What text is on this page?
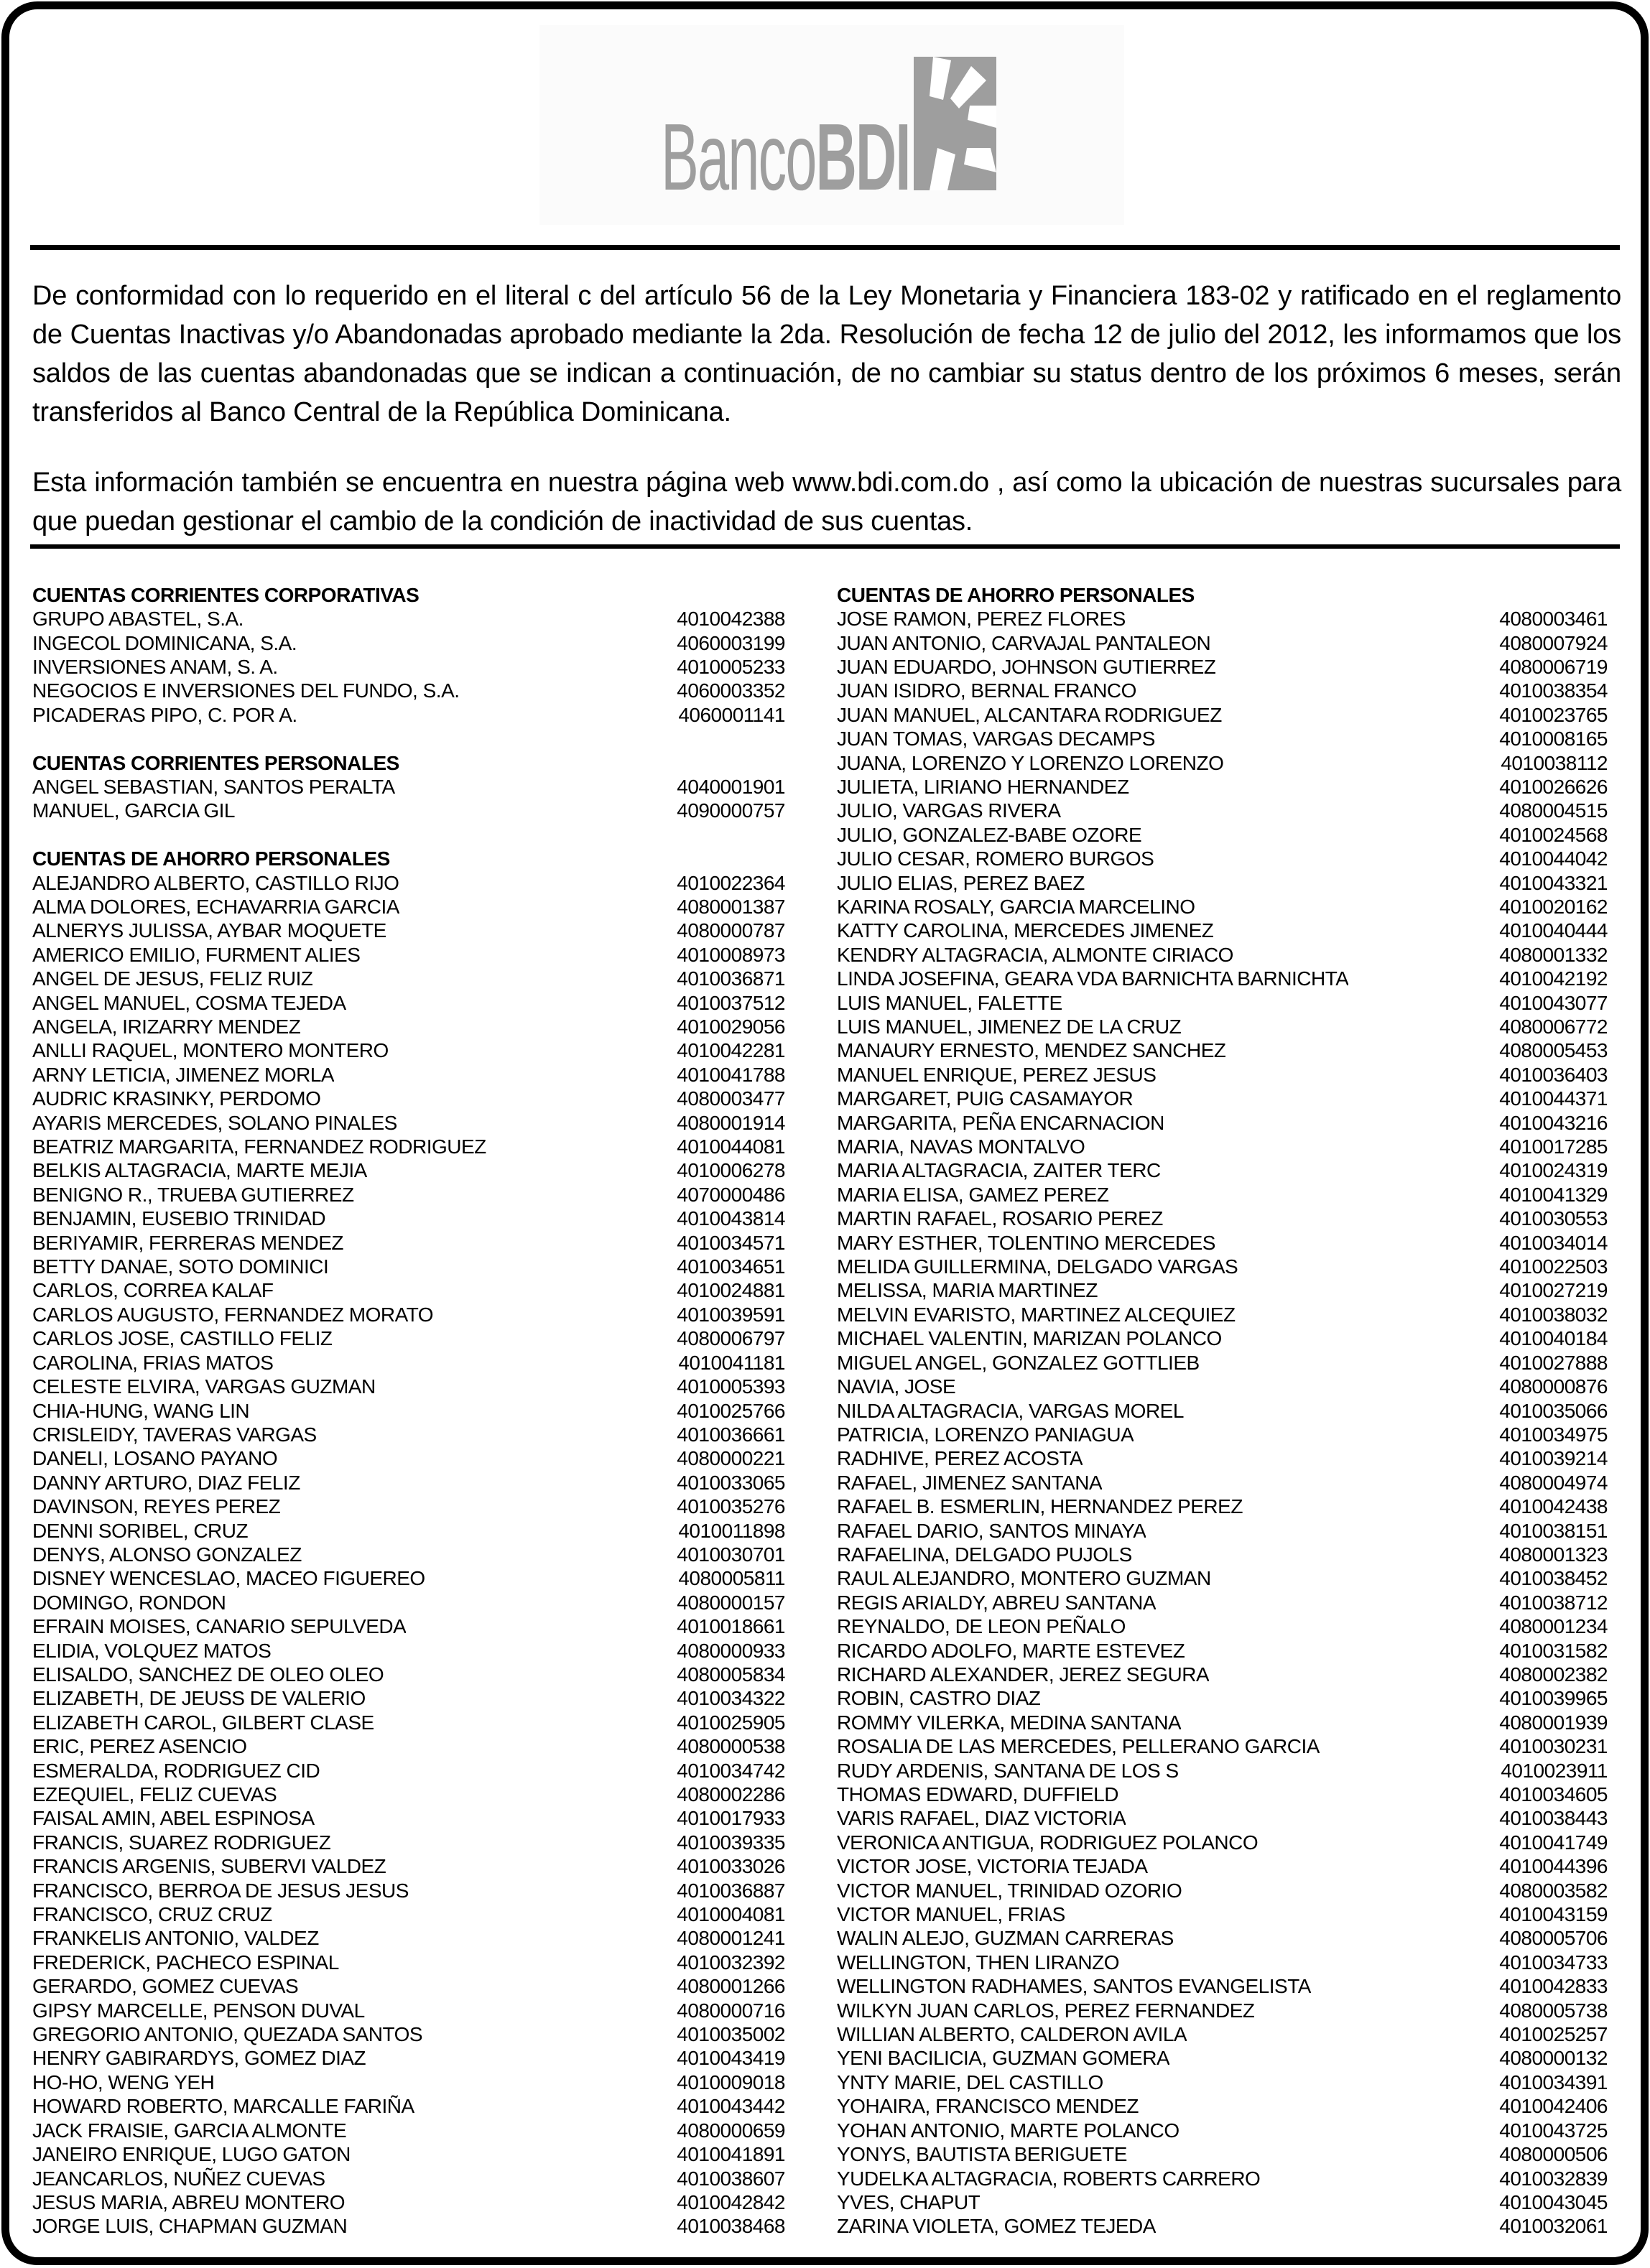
Banco BDI

De conformidad con lo requerido en el literal c del artículo 56 de la Ley Monetaria y Financiera 183-02 y ratificado en el reglamento de Cuentas Inactivas y/o Abandonadas aprobado mediante la 2da. Resolución de fecha 12 de julio del 2012, les informamos que los saldos de las cuentas abandonadas que se indican a continuación, de no cambiar su status dentro de los próximos 6 meses, serán transferidos al Banco Central de la República Dominicana.

Esta información también se encuentra en nuestra página web www.bdi.com.do , así como la ubicación de nuestras sucursales para que puedan gestionar el cambio de la condición de inactividad de sus cuentas.

CUENTAS CORRIENTES CORPORATIVAS
GRUPO ABASTEL, S.A.	4010042388
INGECOL DOMINICANA, S.A.	4060003199
INVERSIONES ANAM, S. A.	4010005233
NEGOCIOS E INVERSIONES DEL FUNDO, S.A.	4060003352
PICADERAS PIPO, C. POR A.	4060001141
CUENTAS CORRIENTES PERSONALES
ANGEL SEBASTIAN, SANTOS PERALTA	4040001901
MANUEL, GARCIA GIL	4090000757
CUENTAS DE AHORRO PERSONALES
ALEJANDRO ALBERTO, CASTILLO RIJO	4010022364
ALMA DOLORES, ECHAVARRIA GARCIA	4080001387
ALNERYS JULISSA, AYBAR MOQUETE	4080000787
AMERICO EMILIO, FURMENT ALIES	4010008973
ANGEL DE JESUS, FELIZ RUIZ	4010036871
ANGEL MANUEL, COSMA TEJEDA	4010037512
ANGELA, IRIZARRY MENDEZ	4010029056
ANLLI RAQUEL, MONTERO MONTERO	4010042281
ARNY LETICIA, JIMENEZ MORLA	4010041788
AUDRIC KRASINKY, PERDOMO	4080003477
AYARIS MERCEDES, SOLANO PINALES	4080001914
BEATRIZ MARGARITA, FERNANDEZ RODRIGUEZ	4010044081
BELKIS ALTAGRACIA, MARTE MEJIA	4010006278
BENIGNO R., TRUEBA GUTIERREZ	4070000486
BENJAMIN, EUSEBIO TRINIDAD	4010043814
BERIYAMIR, FERRERAS MENDEZ	4010034571
BETTY DANAE, SOTO DOMINICI	4010034651
CARLOS, CORREA KALAF	4010024881
CARLOS AUGUSTO, FERNANDEZ MORATO	4010039591
CARLOS JOSE, CASTILLO FELIZ	4080006797
CAROLINA, FRIAS MATOS	4010041181
CELESTE ELVIRA, VARGAS GUZMAN	4010005393
CHIA-HUNG, WANG LIN	4010025766
CRISLEIDY, TAVERAS VARGAS	4010036661
DANELI, LOSANO PAYANO	4080000221
DANNY ARTURO, DIAZ FELIZ	4010033065
DAVINSON, REYES PEREZ	4010035276
DENNI SORIBEL, CRUZ	4010011898
DENYS, ALONSO GONZALEZ	4010030701
DISNEY WENCESLAO, MACEO FIGUEREO	4080005811
DOMINGO, RONDON	4080000157
EFRAIN MOISES, CANARIO SEPULVEDA	4010018661
ELIDIA, VOLQUEZ MATOS	4080000933
ELISALDO, SANCHEZ DE OLEO OLEO	4080005834
ELIZABETH, DE JEUSS DE VALERIO	4010034322
ELIZABETH CAROL, GILBERT CLASE	4010025905
ERIC, PEREZ ASENCIO	4080000538
ESMERALDA, RODRIGUEZ CID	4010034742
EZEQUIEL, FELIZ CUEVAS	4080002286
FAISAL AMIN, ABEL ESPINOSA	4010017933
FRANCIS, SUAREZ RODRIGUEZ	4010039335
FRANCIS ARGENIS, SUBERVI VALDEZ	4010033026
FRANCISCO, BERROA DE JESUS JESUS	4010036887
FRANCISCO, CRUZ CRUZ	4010004081
FRANKELIS ANTONIO, VALDEZ	4080001241
FREDERICK, PACHECO ESPINAL	4010032392
GERARDO, GOMEZ CUEVAS	4080001266
GIPSY MARCELLE, PENSON DUVAL	4080000716
GREGORIO ANTONIO, QUEZADA SANTOS	4010035002
HENRY GABIRARDYS, GOMEZ DIAZ	4010043419
HO-HO, WENG YEH	4010009018
HOWARD ROBERTO, MARCALLE FARIÑA	4010043442
JACK FRAISIE, GARCIA ALMONTE	4080000659
JANEIRO ENRIQUE, LUGO GATON	4010041891
JEANCARLOS, NUÑEZ CUEVAS	4010038607
JESUS MARIA, ABREU MONTERO	4010042842
JORGE LUIS, CHAPMAN GUZMAN	4010038468
CUENTAS DE AHORRO PERSONALES
JOSE RAMON, PEREZ FLORES	4080003461
JUAN ANTONIO, CARVAJAL PANTALEON	4080007924
JUAN EDUARDO, JOHNSON GUTIERREZ	4080006719
JUAN ISIDRO, BERNAL FRANCO	4010038354
JUAN MANUEL, ALCANTARA RODRIGUEZ	4010023765
JUAN TOMAS, VARGAS DECAMPS	4010008165
JUANA, LORENZO Y LORENZO LORENZO	4010038112
JULIETA, LIRIANO HERNANDEZ	4010026626
JULIO, VARGAS RIVERA	4080004515
JULIO, GONZALEZ-BABE OZORE	4010024568
JULIO CESAR, ROMERO BURGOS	4010044042
JULIO ELIAS, PEREZ BAEZ	4010043321
KARINA ROSALY, GARCIA MARCELINO	4010020162
KATTY CAROLINA, MERCEDES JIMENEZ	4010040444
KENDRY ALTAGRACIA, ALMONTE CIRIACO	4080001332
LINDA JOSEFINA, GEARA VDA BARNICHTA BARNICHTA	4010042192
LUIS MANUEL, FALETTE	4010043077
LUIS MANUEL, JIMENEZ DE LA CRUZ	4080006772
MANAURY ERNESTO, MENDEZ SANCHEZ	4080005453
MANUEL ENRIQUE, PEREZ JESUS	4010036403
MARGARET, PUIG CASAMAYOR	4010044371
MARGARITA, PEÑA ENCARNACION	4010043216
MARIA, NAVAS MONTALVO	4010017285
MARIA ALTAGRACIA, ZAITER TERC	4010024319
MARIA ELISA, GAMEZ PEREZ	4010041329
MARTIN RAFAEL, ROSARIO PEREZ	4010030553
MARY ESTHER, TOLENTINO MERCEDES	4010034014
MELIDA GUILLERMINA, DELGADO VARGAS	4010022503
MELISSA, MARIA MARTINEZ	4010027219
MELVIN EVARISTO, MARTINEZ ALCEQUIEZ	4010038032
MICHAEL VALENTIN, MARIZAN POLANCO	4010040184
MIGUEL ANGEL, GONZALEZ GOTTLIEB	4010027888
NAVIA, JOSE	4080000876
NILDA ALTAGRACIA, VARGAS MOREL	4010035066
PATRICIA, LORENZO PANIAGUA	4010034975
RADHIVE, PEREZ ACOSTA	4010039214
RAFAEL, JIMENEZ SANTANA	4080004974
RAFAEL B. ESMERLIN, HERNANDEZ PEREZ	4010042438
RAFAEL DARIO, SANTOS MINAYA	4010038151
RAFAELINA, DELGADO PUJOLS	4080001323
RAUL ALEJANDRO, MONTERO GUZMAN	4010038452
REGIS ARIALDY, ABREU SANTANA	4010038712
REYNALDO, DE LEON PEÑALO	4080001234
RICARDO ADOLFO, MARTE ESTEVEZ	4010031582
RICHARD ALEXANDER, JEREZ SEGURA	4080002382
ROBIN, CASTRO DIAZ	4010039965
ROMMY VILERKA, MEDINA SANTANA	4080001939
ROSALIA DE LAS MERCEDES, PELLERANO GARCIA	4010030231
RUDY ARDENIS, SANTANA DE LOS S	4010023911
THOMAS EDWARD, DUFFIELD	4010034605
VARIS RAFAEL, DIAZ VICTORIA	4010038443
VERONICA ANTIGUA, RODRIGUEZ POLANCO	4010041749
VICTOR JOSE, VICTORIA TEJADA	4010044396
VICTOR MANUEL, TRINIDAD OZORIO	4080003582
VICTOR MANUEL, FRIAS	4010043159
WALIN ALEJO, GUZMAN CARRERAS	4080005706
WELLINGTON, THEN LIRANZO	4010034733
WELLINGTON RADHAMES, SANTOS EVANGELISTA	4010042833
WILKYN JUAN CARLOS, PEREZ FERNANDEZ	4080005738
WILLIAN ALBERTO, CALDERON AVILA	4010025257
YENI BACILICIA, GUZMAN GOMERA	4080000132
YNTY MARIE, DEL CASTILLO	4010034391
YOHAIRA, FRANCISCO MENDEZ	4010042406
YOHAN ANTONIO, MARTE POLANCO	4010043725
YONYS, BAUTISTA BERIGUETE	4080000506
YUDELKA ALTAGRACIA, ROBERTS CARRERO	4010032839
YVES, CHAPUT	4010043045
ZARINA VIOLETA, GOMEZ TEJEDA	4010032061
